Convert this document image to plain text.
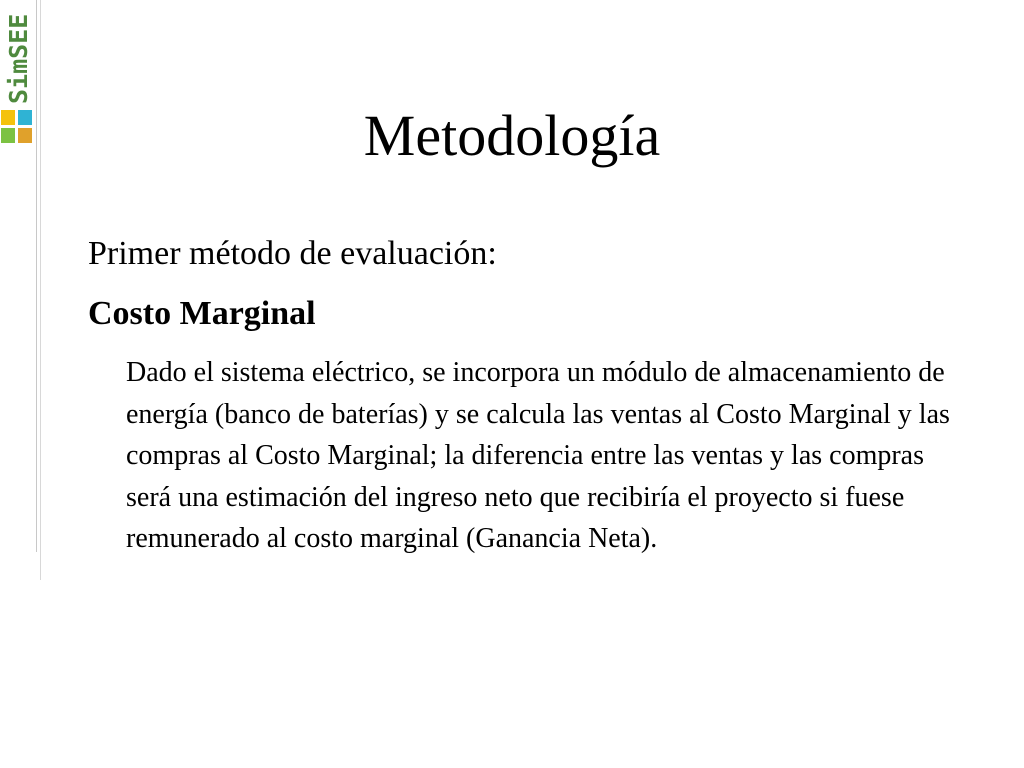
SimSEE
Metodología
Primer método de evaluación:
Costo Marginal
Dado el sistema eléctrico, se incorpora un módulo de almacenamiento de energía (banco de baterías) y se calcula las ventas al Costo Marginal y las compras al Costo Marginal; la diferencia entre las ventas y las compras será una estimación del ingreso neto que recibiría el proyecto si fuese remunerado al costo marginal (Ganancia Neta).
